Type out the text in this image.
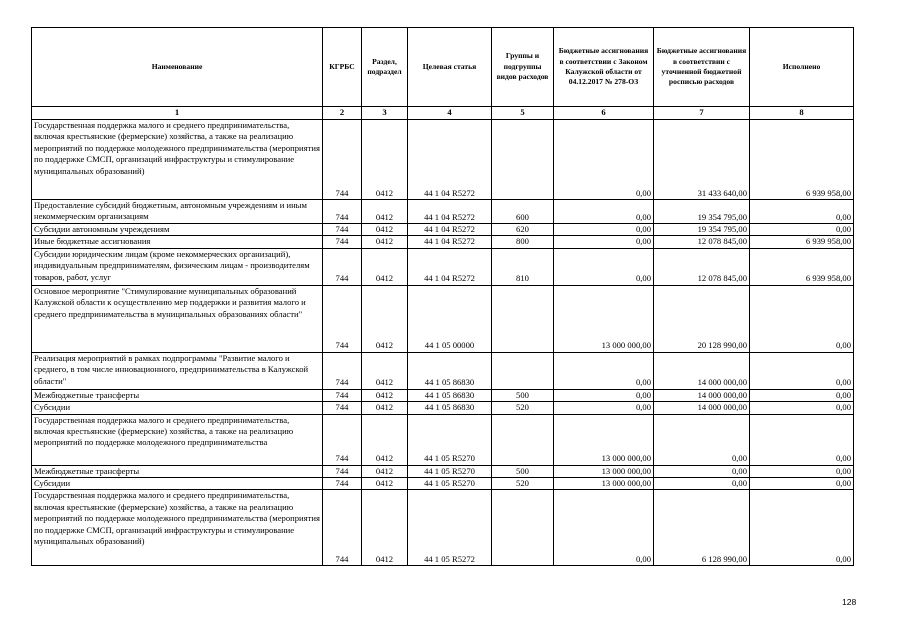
Наименование	КГРБС	Раздел, подраздел	Целевая статья	Группы и подгруппы видов расходов	Бюджетные ассигнования в соответствии с Законом Калужской области от 04.12.2017 № 278-ОЗ	Бюджетные ассигнования в соответствии с уточненной бюджетной росписью расходов	Исполнено
1	2	3	4	5	6	7	8
Государственная поддержка малого и среднего предпринимательства, включая крестьянские (фермерские) хозяйства, а также на реализацию мероприятий по поддержке молодежного предпринимательства (мероприятия по поддержке СМСП, организаций инфраструктуры и стимулирование муниципальных образований)	744	0412	44 1 04 R5272		0,00	31 433 640,00	6 939 958,00
Предоставление субсидий бюджетным, автономным учреждениям и иным некоммерческим организациям	744	0412	44 1 04 R5272	600	0,00	19 354 795,00	0,00
Субсидии автономным учреждениям	744	0412	44 1 04 R5272	620	0,00	19 354 795,00	0,00
Иные бюджетные ассигнования	744	0412	44 1 04 R5272	800	0,00	12 078 845,00	6 939 958,00
Субсидии юридическим лицам (кроме некоммерческих организаций), индивидуальным предпринимателям, физическим лицам - производителям товаров, работ, услуг	744	0412	44 1 04 R5272	810	0,00	12 078 845,00	6 939 958,00
Основное мероприятие "Стимулирование муниципальных образований Калужской области к осуществлению мер поддержки и развития малого и среднего предпринимательства в муниципальных образованиях области"	744	0412	44 1 05 00000		13 000 000,00	20 128 990,00	0,00
Реализация мероприятий в рамках подпрограммы "Развитие малого и среднего, в том числе инновационного, предпринимательства в Калужской области"	744	0412	44 1 05 86830		0,00	14 000 000,00	0,00
Межбюджетные трансферты	744	0412	44 1 05 86830	500	0,00	14 000 000,00	0,00
Субсидии	744	0412	44 1 05 86830	520	0,00	14 000 000,00	0,00
Государственная поддержка малого и среднего предпринимательства, включая крестьянские (фермерские) хозяйства, а также на реализацию мероприятий по поддержке молодежного предпринимательства	744	0412	44 1 05 R5270		13 000 000,00	0,00	0,00
Межбюджетные трансферты	744	0412	44 1 05 R5270	500	13 000 000,00	0,00	0,00
Субсидии	744	0412	44 1 05 R5270	520	13 000 000,00	0,00	0,00
Государственная поддержка малого и среднего предпринимательства, включая крестьянские (фермерские) хозяйства, а также на реализацию мероприятий по поддержке молодежного предпринимательства (мероприятия по поддержке СМСП, организаций инфраструктуры и стимулирование муниципальных образований)	744	0412	44 1 05 R5272		0,00	6 128 990,00	0,00
128
